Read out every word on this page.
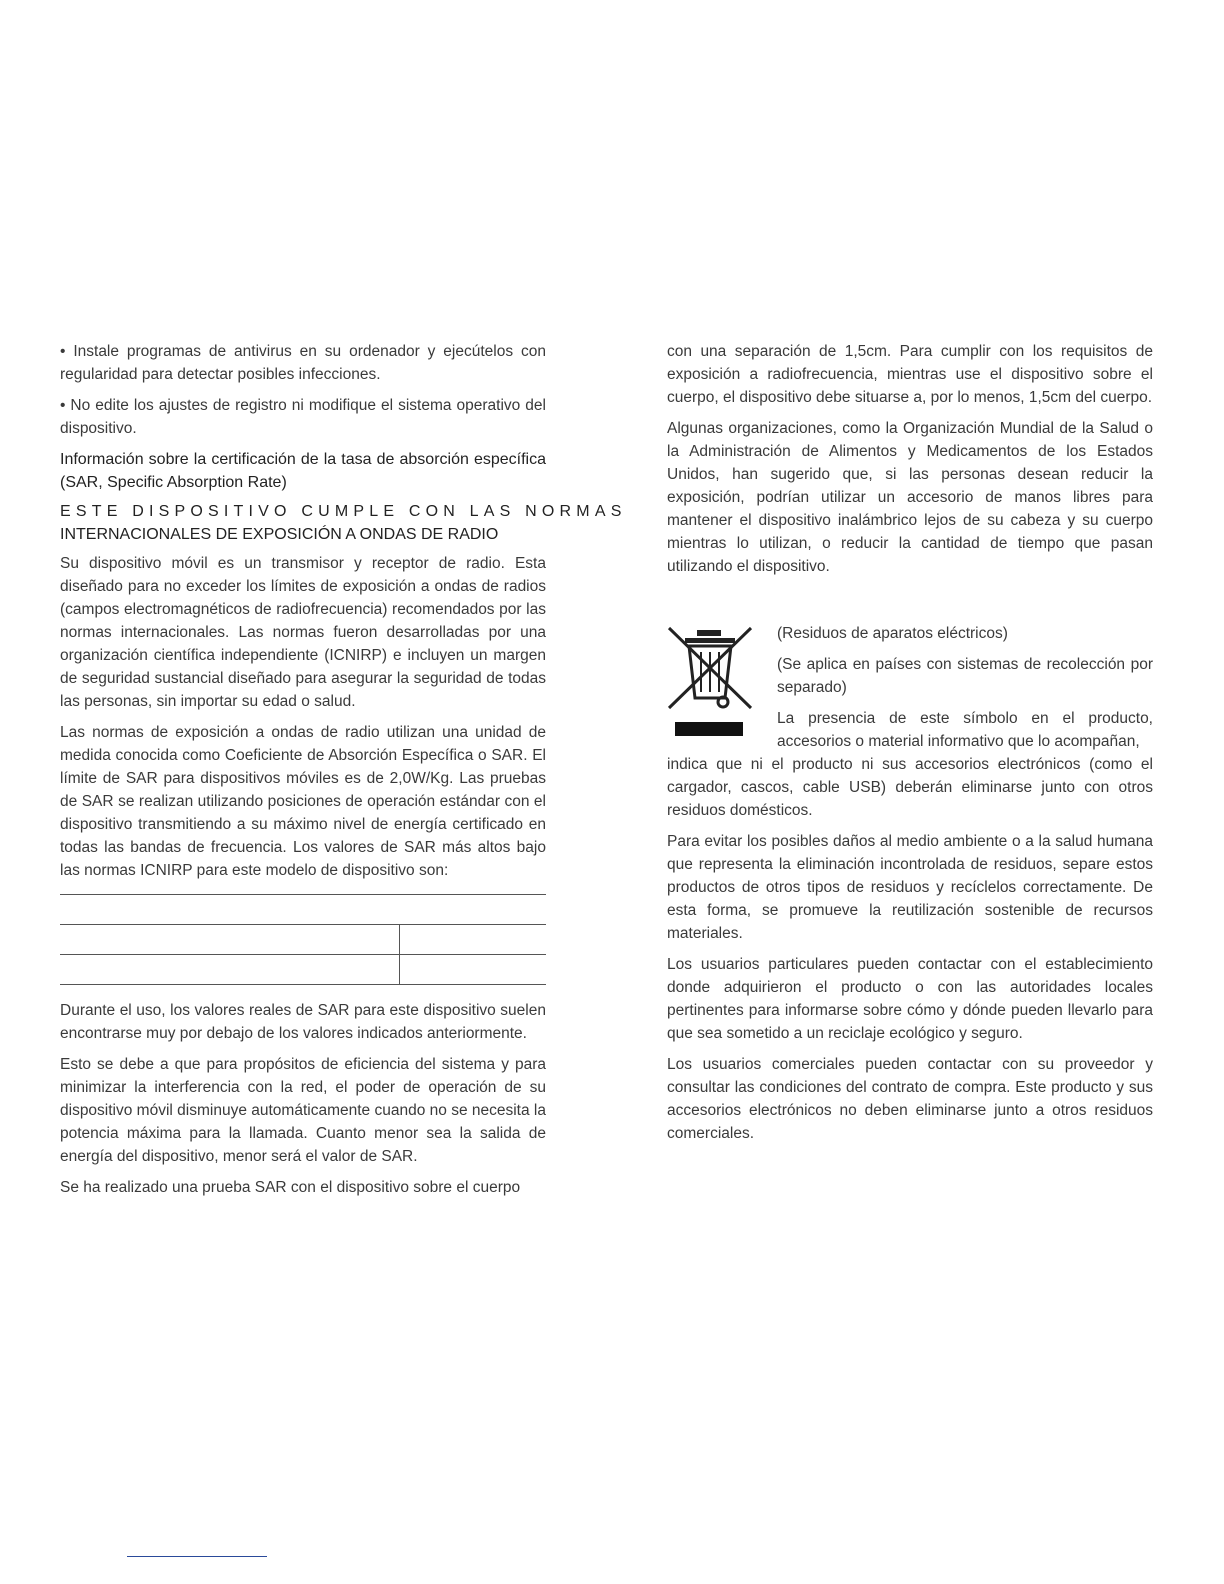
• Instale programas de antivirus en su ordenador y ejecútelos con regularidad para detectar posibles infecciones.

• No edite los ajustes de registro ni modifique el sistema operativo del dispositivo.

Información sobre la certificación de la tasa de absorción específica (SAR, Specific Absorption Rate)

ESTE DISPOSITIVO CUMPLE CON LAS NORMAS
INTERNACIONALES DE EXPOSICIÓN A ONDAS DE RADIO

Su dispositivo móvil es un transmisor y receptor de radio. Esta diseñado para no exceder los límites de exposición a ondas de radios (campos electromagnéticos de radiofrecuencia) recomendados por las normas internacionales. Las normas fueron desarrolladas por una organización científica independiente (ICNIRP) e incluyen un margen de seguridad sustancial diseñado para asegurar la seguridad de todas las personas, sin importar su edad o salud.

Las normas de exposición a ondas de radio utilizan una unidad de medida conocida como Coeficiente de Absorción Específica o SAR. El límite de SAR para dispositivos móviles es de 2,0W/Kg. Las pruebas de SAR se realizan utilizando posiciones de operación estándar con el dispositivo transmitiendo a su máximo nivel de energía certificado en todas las bandas de frecuencia. Los valores de SAR más altos bajo las normas ICNIRP para este modelo de dispositivo son:

Durante el uso, los valores reales de SAR para este dispositivo suelen encontrarse muy por debajo de los valores indicados anteriormente.

Esto se debe a que para propósitos de eficiencia del sistema y para minimizar la interferencia con la red, el poder de operación de su dispositivo móvil disminuye automáticamente cuando no se necesita la potencia máxima para la llamada. Cuanto menor sea la salida de energía del dispositivo, menor será el valor de SAR.

Se ha realizado una prueba SAR con el dispositivo sobre el cuerpo

con una separación de 1,5cm. Para cumplir con los requisitos de exposición a radiofrecuencia, mientras use el dispositivo sobre el cuerpo, el dispositivo debe situarse a, por lo menos, 1,5cm del cuerpo.

Algunas organizaciones, como la Organización Mundial de la Salud o la Administración de Alimentos y Medicamentos de los Estados Unidos, han sugerido que, si las personas desean reducir la exposición, podrían utilizar un accesorio de manos libres para mantener el dispositivo inalámbrico lejos de su cabeza y su cuerpo mientras lo utilizan, o reducir la cantidad de tiempo que pasan utilizando el dispositivo.

(Residuos de aparatos eléctricos)

(Se aplica en países con sistemas de recolección por separado)

La presencia de este símbolo en el producto, accesorios o material informativo que lo acompañan,

indica que ni el producto ni sus accesorios electrónicos (como el cargador, cascos, cable USB) deberán eliminarse junto con otros residuos domésticos.

Para evitar los posibles daños al medio ambiente o a la salud humana que representa la eliminación incontrolada de residuos, separe estos productos de otros tipos de residuos y recíclelos correctamente. De esta forma, se promueve la reutilización sostenible de recursos materiales.

Los usuarios particulares pueden contactar con el establecimiento donde adquirieron el producto o con las autoridades locales pertinentes para informarse sobre cómo y dónde pueden llevarlo para que sea sometido a un reciclaje ecológico y seguro.

Los usuarios comerciales pueden contactar con su proveedor y consultar las condiciones del contrato de compra. Este producto y sus accesorios electrónicos no deben eliminarse junto a otros residuos comerciales.
